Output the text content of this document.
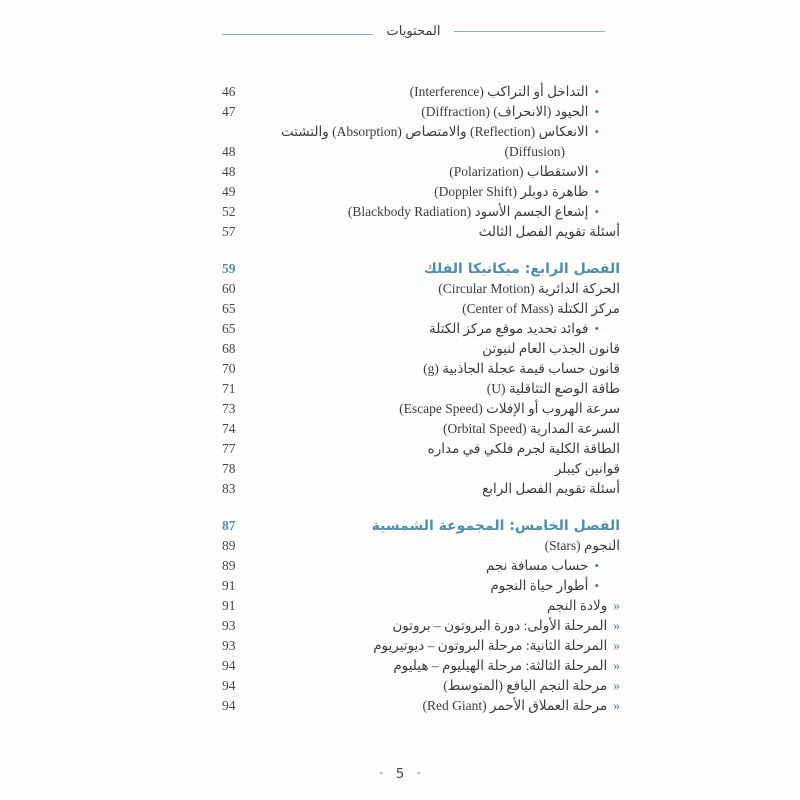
المحتويات
•
التداخل أو التراكب (Interference)
46
•
الحيود (الانحراف) (Diffraction)
47
•
الانعكاس (Reflection) والامتصاص (Absorption) والتشتت
(Diffusion)
48
•
الاستقطاب (Polarization)
48
•
ظاهرة دوبلر (Doppler Shift)
49
•
إشعاع الجسم الأسود (Blackbody Radiation)
52
أسئلة تقويم الفصل الثالث
57
الفصل الرابع: ميكانيكا الفلك
59
الحركة الدائرية (Circular Motion)
60
مركز الكتلة (Center of Mass)
65
•
فوائد تحديد موقع مركز الكتلة
65
قانون الجذب العام لنيوتن
68
قانون حساب قيمة عجلة الجاذبية (g)
70
طاقة الوضع التثاقلية (U)
71
سرعة الهروب أو الإفلات (Escape Speed)
73
السرعة المدارية (Orbital Speed)
74
الطاقة الكلية لجرم فلكي في مداره
77
قوانين كيبلر
78
أسئلة تقويم الفصل الرابع
83
الفصل الخامس: المجموعة الشمسية
87
النجوم (Stars)
89
•
حساب مسافة نجم
89
•
أطوار حياة النجوم
91
«
ولادة النجم
91
«
المرحلة الأولى: دورة البروتون – بروتون
93
«
المرحلة الثانية: مرحلة البروتون – ديوتيريوم
93
«
المرحلة الثالثة: مرحلة الهيليوم – هيليوم
94
«
مرحلة النجم اليافع (المتوسط)
94
«
مرحلة العملاق الأحمر (Red Giant)
94
- 5 -
